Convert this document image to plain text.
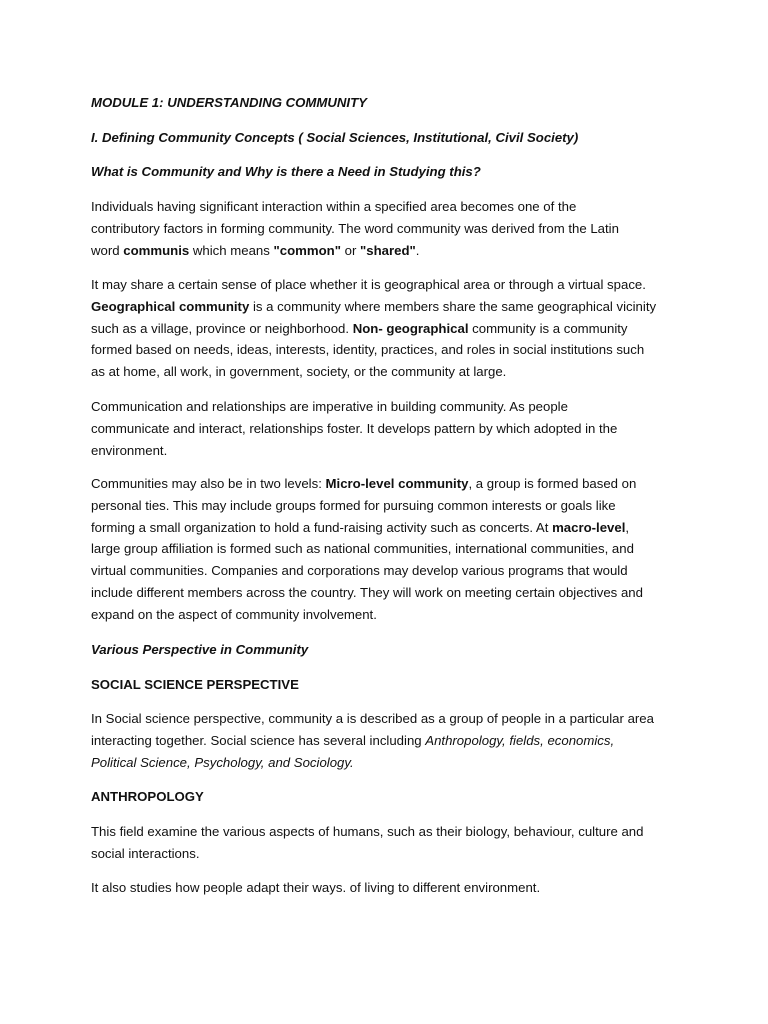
MODULE 1: UNDERSTANDING COMMUNITY

I. Defining Community Concepts ( Social Sciences, Institutional, Civil Society)

What is Community and Why is there a Need in Studying this?

Individuals having significant interaction within a specified area becomes one of the
contributory factors in forming community. The word community was derived from the Latin
word communis which means "common" or "shared".
It may share a certain sense of place whether it is geographical area or through a virtual space.
Geographical community is a community where members share the same geographical vicinity
such as a village, province or neighborhood. Non- geographical community is a community
formed based on needs, ideas, interests, identity, practices, and roles in social institutions such
as at home, all work, in government, society, or the community at large.
Communication and relationships are imperative in building community. As people
communicate and interact, relationships foster. It develops pattern by which adopted in the
environment.
Communities may also be in two levels: Micro-level community, a group is formed based on
personal ties. This may include groups formed for pursuing common interests or goals like
forming a small organization to hold a fund-raising activity such as concerts. At macro-level,
large group affiliation is formed such as national communities, international communities, and
virtual communities. Companies and corporations may develop various programs that would
include different members across the country. They will work on meeting certain objectives and
expand on the aspect of community involvement.

Various Perspective in Community

SOCIAL SCIENCE PERSPECTIVE

In Social science perspective, community a is described as a group of people in a particular area
interacting together. Social science has several including Anthropology, fields, economics,
Political Science, Psychology, and Sociology.

ANTHROPOLOGY

This field examine the various aspects of humans, such as their biology, behaviour, culture and
social interactions.

It also studies how people adapt their ways. of living to different environment.
